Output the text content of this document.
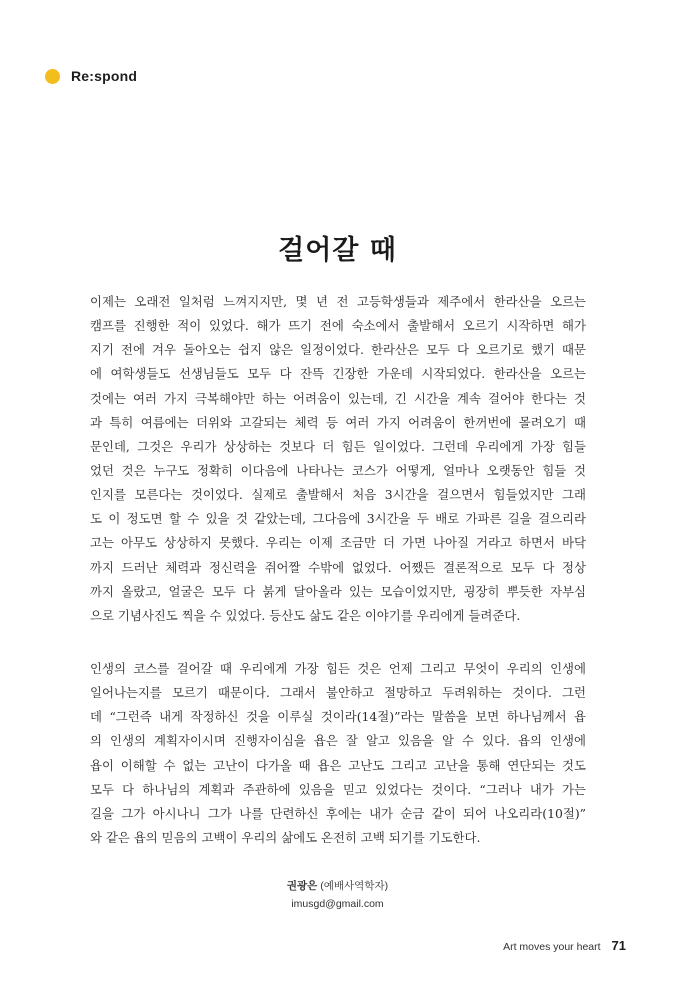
Re:spond
걸어갈 때

이제는 오래전 일처럼 느껴지지만, 몇 년 전 고등학생들과 제주에서 한라산을 오르는
캠프를 진행한 적이 있었다. 해가 뜨기 전에 숙소에서 출발해서 오르기 시작하면 해가
지기 전에 겨우 돌아오는 쉽지 않은 일정이었다. 한라산은 모두 다 오르기로 했기 때문
에 여학생들도 선생님들도 모두 다 잔뜩 긴장한 가운데 시작되었다. 한라산을 오르는
것에는 여러 가지 극복해야만 하는 어려움이 있는데, 긴 시간을 계속 걸어야 한다는 것
과 특히 여름에는 더위와 고갈되는 체력 등 여러 가지 어려움이 한꺼번에 몰려오기 때
문인데, 그것은 우리가 상상하는 것보다 더 힘든 일이었다. 그런데 우리에게 가장 힘들
었던 것은 누구도 정확히 이다음에 나타나는 코스가 어떻게, 얼마나 오랫동안 힘들 것
인지를 모른다는 것이었다. 실제로 출발해서 처음 3시간을 걸으면서 힘들었지만 그래
도 이 정도면 할 수 있을 것 같았는데, 그다음에 3시간을 두 배로 가파른 길을 걸으리라
고는 아무도 상상하지 못했다. 우리는 이제 조금만 더 가면 나아질 거라고 하면서 바닥
까지 드러난 체력과 정신력을 쥐어짤 수밖에 없었다. 어쨌든 결론적으로 모두 다 정상
까지 올랐고, 얼굴은 모두 다 붉게 달아올라 있는 모습이었지만, 굉장히 뿌듯한 자부심
으로 기념사진도 찍을 수 있었다. 등산도 삶도 같은 이야기를 우리에게 들려준다.

인생의 코스를 걸어갈 때 우리에게 가장 힘든 것은 언제 그리고 무엇이 우리의 인생에
일어나는지를 모르기 때문이다. 그래서 불안하고 절망하고 두려워하는 것이다. 그런
데 “그런즉 내게 작정하신 것을 이루실 것이라(14절)”라는 말씀을 보면 하나님께서 욥
의 인생의 계획자이시며 진행자이심을 욥은 잘 알고 있음을 알 수 있다. 욥의 인생에
욥이 이해할 수 없는 고난이 다가올 때 욥은 고난도 그리고 고난을 통해 연단되는 것도
모두 다 하나님의 계획과 주관하에 있음을 믿고 있었다는 것이다. “그러나 내가 가는
길을 그가 아시나니 그가 나를 단련하신 후에는 내가 순금 같이 되어 나오리라(10절)”
와 같은 욥의 믿음의 고백이 우리의 삶에도 온전히 고백 되기를 기도한다.

권광은 (예배사역학자)
imusgd@gmail.com
Art moves your heart 71
